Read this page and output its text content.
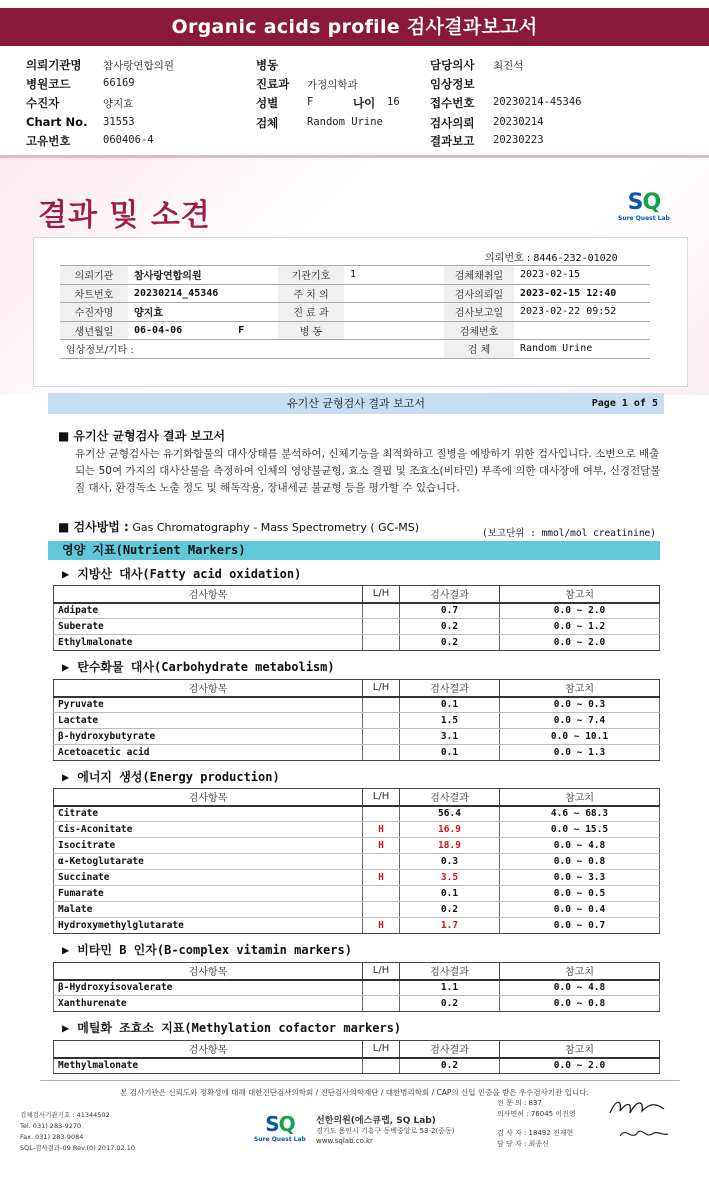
Organic acids profile 검사결과보고서
의뢰기관명 참사랑연합의원
병원코드	66169
수진자	양지효
Chart No. 31553
고유번호	060406-4
병동
진료과 가정의학과
성별	F	나이 16
검체	Random Urine
담당의사 최진석
임상정보
접수번호 20230214-45346
검사의뢰 20230214
결과보고 20230223
결과 및 소견	SQ
Sure Quest Lab
의뢰번호 : 8446-232-01020
의뢰기관	참사랑연합의원	기관기호	1	검체채취일	2023-02-15
차트번호	20230214_45346	주 치 의		검사의뢰일	2023-02-15 12:40
수진자명	양지효	진 료 과		검사보고일	2023-02-22 09:52
생년월일	06-04-06 F	병 동		검체번호	
임상정보/기타 :				검 체	Random Urine
유기산 균형검사 결과 보고서	Page 1 of 5
■ 유기산 균형검사 결과 보고서
유기산 균형검사는 유기화합물의 대사상태를 분석하여, 신체기능을 최적화하고 질병을 예방하기 위한 검사입니다. 소변으로 배출되는 50여 가지의 대사산물을 측정하여 인체의 영양불균형, 효소 결핍 및 조효소(비타민) 부족에 의한 대사장애 여부, 신경전달물질 대사, 환경독소 노출 정도 및 해독작용, 장내세균 불균형 등을 평가할 수 있습니다.
■ 검사방법 : Gas Chromatography - Mass Spectrometry ( GC-MS)	(보고단위 : mmol/mol creatinine)
영양 지표(Nutrient Markers)
▶ 지방산 대사(Fatty acid oxidation)
검사항목	L/H	검사결과	참고치
Adipate		0.7	0.0 ~ 2.0
Suberate		0.2	0.0 ~ 1.2
Ethylmalonate		0.2	0.0 ~ 2.0
▶ 탄수화물 대사(Carbohydrate metabolism)
검사항목	L/H	검사결과	참고치
Pyruvate		0.1	0.0 ~ 0.3
Lactate		1.5	0.0 ~ 7.4
β-hydroxybutyrate		3.1	0.0 ~ 10.1
Acetoacetic acid		0.1	0.0 ~ 1.3
▶ 에너지 생성(Energy production)
검사항목	L/H	검사결과	참고치
Citrate		56.4	4.6 ~ 68.3
Cis-Aconitate	H	16.9	0.0 ~ 15.5
Isocitrate	H	18.9	0.0 ~ 4.8
α-Ketoglutarate		0.3	0.0 ~ 0.8
Succinate	H	3.5	0.0 ~ 3.3
Fumarate		0.1	0.0 ~ 0.5
Malate		0.2	0.0 ~ 0.4
Hydroxymethylglutarate	H	1.7	0.0 ~ 0.7
▶ 비타민 B 인자(B-complex vitamin markers)
검사항목	L/H	검사결과	참고치
β-Hydroxyisovalerate		1.1	0.0 ~ 4.8
Xanthurenate		0.2	0.0 ~ 0.8
▶ 메틸화 조효소 지표(Methylation cofactor markers)
검사항목	L/H	검사결과	참고치
Methylmalonate		0.2	0.0 ~ 2.0
본 검사기관은 신뢰도와 정확성에 대해 대한진단검사의학회 / 진단검사의학재단 / 대한병리학회 / CAP의 신입 인증을 받은 우수검사기관 입니다.
검체검사기관기호 : 41344502
Tel. 031) 283-9270
Fax. 031) 283-9084
SQL-검사결과-09 Rev.(0) 2017.02.10
SQ
Sure Quest Lab
선한의원(에스큐랩, SQ Lab)
경기도 용인시 기흥구 동백중앙로 53-2(중동)
www.sqlab.co.kr
전 문 의 : 837
의사면허 : 76045 이진영
검 사 자 : 18492 전재현
담 당 자 : 최종신
